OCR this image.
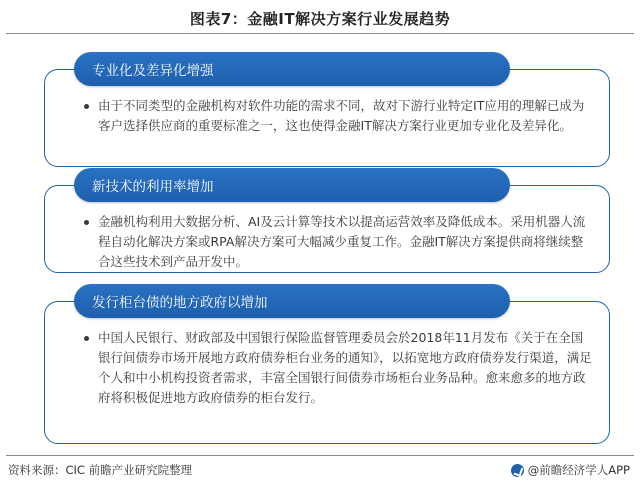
图表7：金融IT解决方案行业发展趋势
专业化及差异化增强
由于不同类型的金融机构对软件功能的需求不同，故对下游行业特定IT应用的理解已成为客户选择供应商的重要标准之一，这也使得金融IT解决方案行业更加专业化及差异化。
新技术的利用率增加
金融机构利用大数据分析、AI及云计算等技术以提高运营效率及降低成本。采用机器人流程自动化解决方案或RPA解决方案可大幅减少重复工作。金融IT解决方案提供商将继续整合这些技术到产品开发中。
发行柜台债的地方政府以增加
中国人民银行、财政部及中国银行保险监督管理委员会於2018年11月发布《关于在全国银行间债券市场开展地方政府债券柜台业务的通知》，以拓宽地方政府债券发行渠道，满足个人和中小机构投资者需求，丰富全国银行间债券市场柜台业务品种。愈来愈多的地方政府将积极促进地方政府债券的柜台发行。
资料来源：CIC 前瞻产业研究院整理	@前瞻经济学人APP
